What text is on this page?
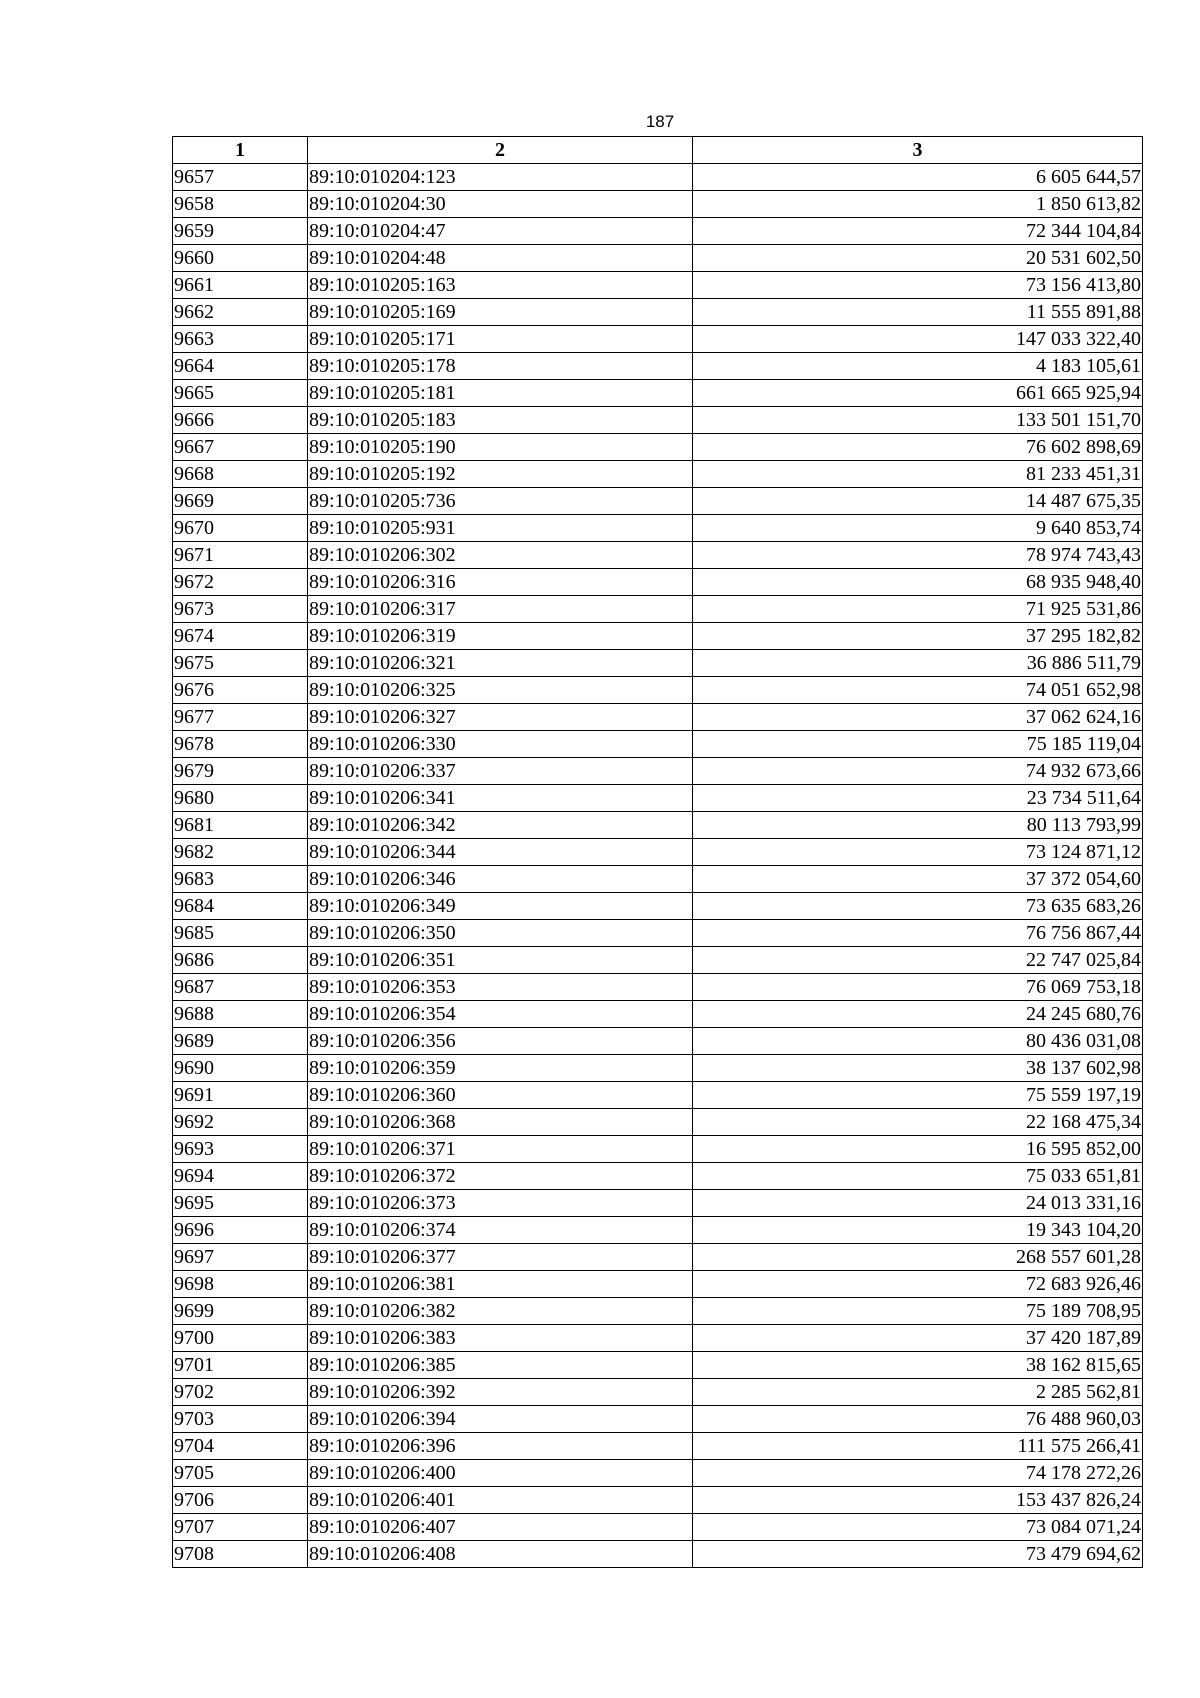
187
1	2	3
9657	89:10:010204:123	6 605 644,57
9658	89:10:010204:30	1 850 613,82
9659	89:10:010204:47	72 344 104,84
9660	89:10:010204:48	20 531 602,50
9661	89:10:010205:163	73 156 413,80
9662	89:10:010205:169	11 555 891,88
9663	89:10:010205:171	147 033 322,40
9664	89:10:010205:178	4 183 105,61
9665	89:10:010205:181	661 665 925,94
9666	89:10:010205:183	133 501 151,70
9667	89:10:010205:190	76 602 898,69
9668	89:10:010205:192	81 233 451,31
9669	89:10:010205:736	14 487 675,35
9670	89:10:010205:931	9 640 853,74
9671	89:10:010206:302	78 974 743,43
9672	89:10:010206:316	68 935 948,40
9673	89:10:010206:317	71 925 531,86
9674	89:10:010206:319	37 295 182,82
9675	89:10:010206:321	36 886 511,79
9676	89:10:010206:325	74 051 652,98
9677	89:10:010206:327	37 062 624,16
9678	89:10:010206:330	75 185 119,04
9679	89:10:010206:337	74 932 673,66
9680	89:10:010206:341	23 734 511,64
9681	89:10:010206:342	80 113 793,99
9682	89:10:010206:344	73 124 871,12
9683	89:10:010206:346	37 372 054,60
9684	89:10:010206:349	73 635 683,26
9685	89:10:010206:350	76 756 867,44
9686	89:10:010206:351	22 747 025,84
9687	89:10:010206:353	76 069 753,18
9688	89:10:010206:354	24 245 680,76
9689	89:10:010206:356	80 436 031,08
9690	89:10:010206:359	38 137 602,98
9691	89:10:010206:360	75 559 197,19
9692	89:10:010206:368	22 168 475,34
9693	89:10:010206:371	16 595 852,00
9694	89:10:010206:372	75 033 651,81
9695	89:10:010206:373	24 013 331,16
9696	89:10:010206:374	19 343 104,20
9697	89:10:010206:377	268 557 601,28
9698	89:10:010206:381	72 683 926,46
9699	89:10:010206:382	75 189 708,95
9700	89:10:010206:383	37 420 187,89
9701	89:10:010206:385	38 162 815,65
9702	89:10:010206:392	2 285 562,81
9703	89:10:010206:394	76 488 960,03
9704	89:10:010206:396	111 575 266,41
9705	89:10:010206:400	74 178 272,26
9706	89:10:010206:401	153 437 826,24
9707	89:10:010206:407	73 084 071,24
9708	89:10:010206:408	73 479 694,62
